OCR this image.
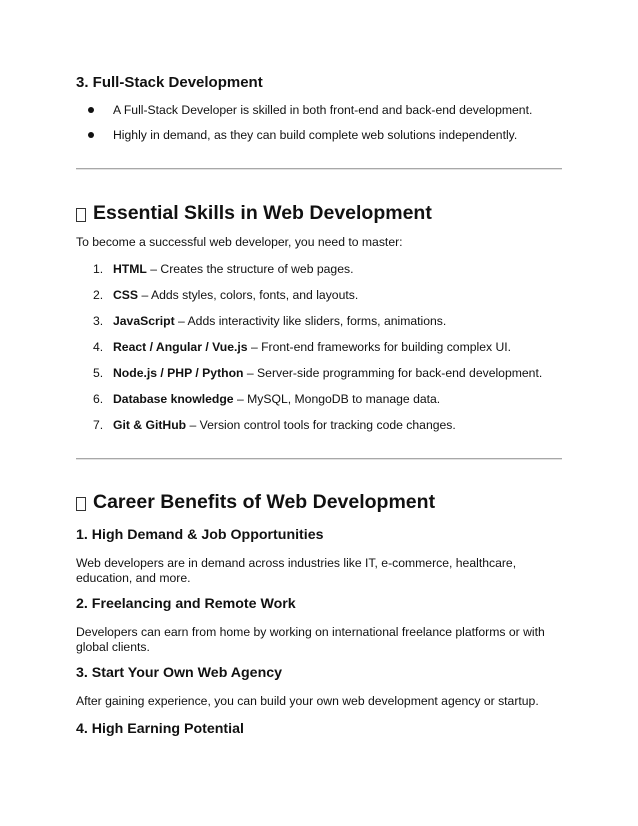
3. Full-Stack Development
A Full-Stack Developer is skilled in both front-end and back-end development.
Highly in demand, as they can build complete web solutions independently.
Essential Skills in Web Development

To become a successful web developer, you need to master:

1. HTML – Creates the structure of web pages.
2. CSS – Adds styles, colors, fonts, and layouts.
3. JavaScript – Adds interactivity like sliders, forms, animations.
4. React / Angular / Vue.js – Front-end frameworks for building complex UI.
5. Node.js / PHP / Python – Server-side programming for back-end development.
6. Database knowledge – MySQL, MongoDB to manage data.
7. Git & GitHub – Version control tools for tracking code changes.
Career Benefits of Web Development
1. High Demand & Job Opportunities

Web developers are in demand across industries like IT, e-commerce, healthcare, education, and more.

2. Freelancing and Remote Work

Developers can earn from home by working on international freelance platforms or with global clients.

3. Start Your Own Web Agency

After gaining experience, you can build your own web development agency or startup.

4. High Earning Potential
